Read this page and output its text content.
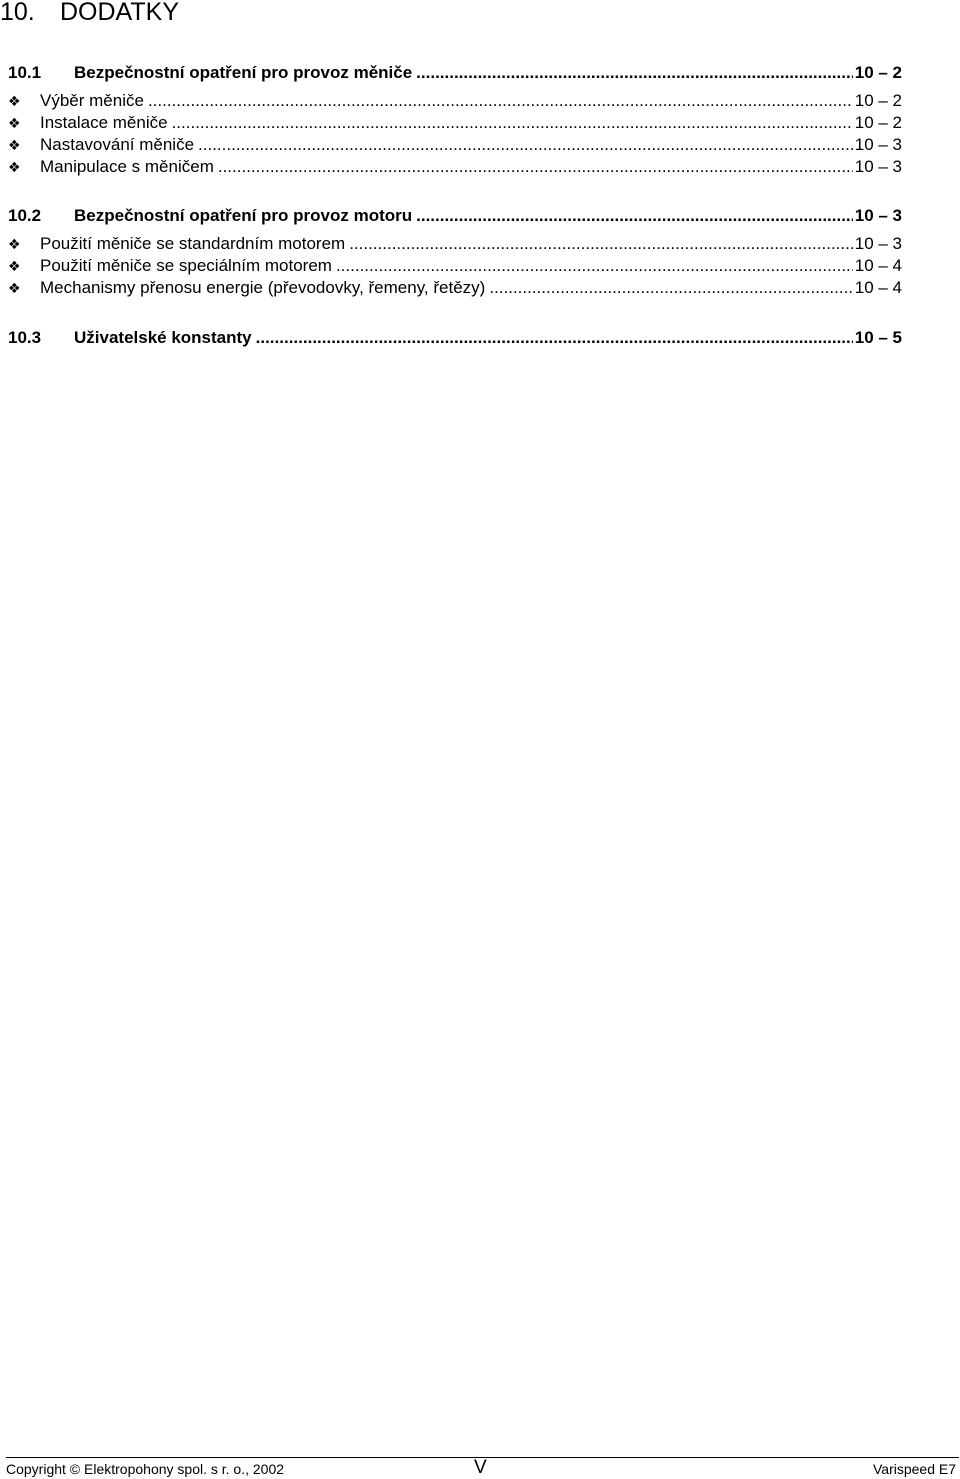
10. DODATKY
10.1	Bezpečnostní opatření pro provoz měniče .....	10 – 2
❖	Výběr měniče .....	10 – 2
❖	Instalace měniče .....	10 – 2
❖	Nastavování měniče .....	10 – 3
❖	Manipulace s měničem .....	10 – 3
10.2	Bezpečnostní opatření pro provoz motoru .....	10 – 3
❖	Použití měniče se standardním motorem .....	10 – 3
❖	Použití měniče se speciálním motorem .....	10 – 4
❖	Mechanismy přenosu energie (převodovky, řemeny, řetězy) .....	10 – 4
10.3	Uživatelské konstanty .....	10 – 5
Copyright © Elektropohony spol. s r. o., 2002	V	Varispeed E7
